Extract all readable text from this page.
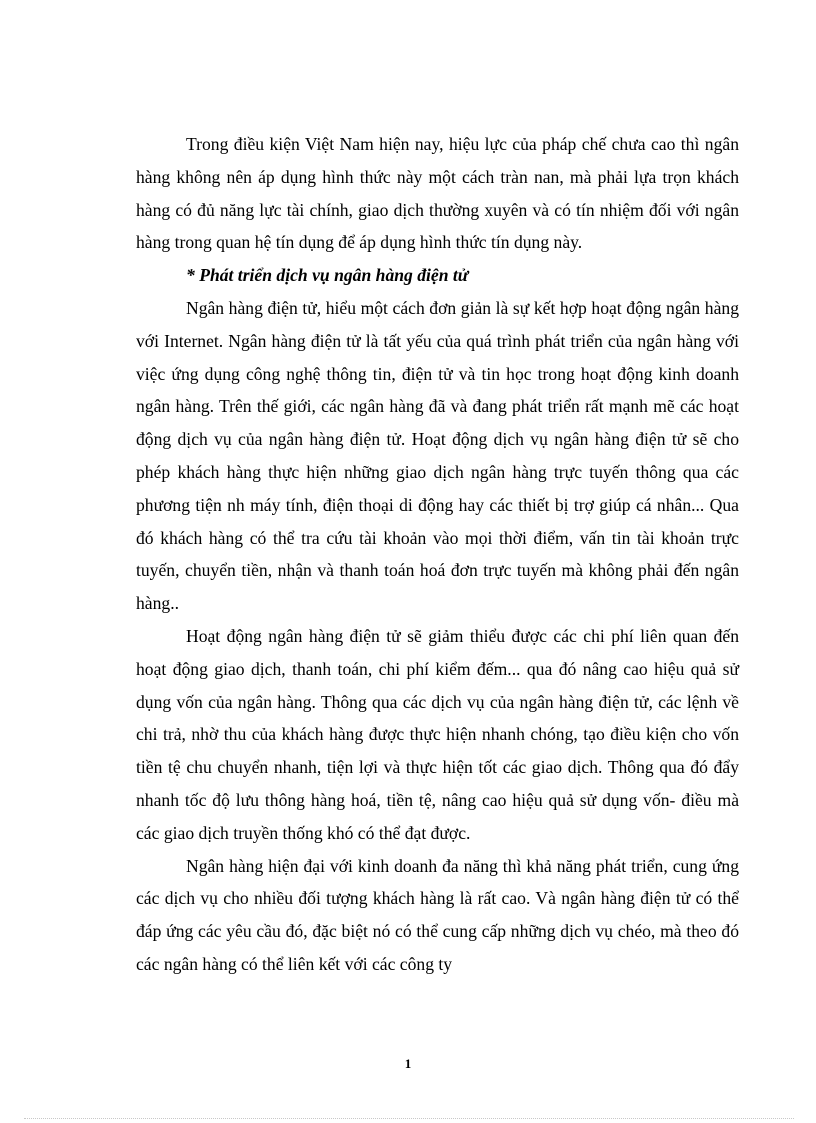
Trong điều kiện Việt Nam hiện nay, hiệu lực của pháp chế chưa cao thì ngân hàng không nên áp dụng hình thức này một cách tràn nan, mà phải lựa trọn khách hàng có đủ năng lực tài chính, giao dịch thường xuyên và có tín nhiệm đối với ngân hàng trong quan hệ tín dụng để áp dụng hình thức tín dụng này.

* Phát triển dịch vụ ngân hàng điện tử

Ngân hàng điện tử, hiểu một cách đơn giản là sự kết hợp hoạt động ngân hàng với Internet. Ngân hàng điện tử là tất yếu của quá trình phát triển của ngân hàng với việc ứng dụng công nghệ thông tin, điện tử và tin học trong hoạt động kinh doanh ngân hàng. Trên thế giới, các ngân hàng đã và đang phát triển rất mạnh mẽ các hoạt động dịch vụ của ngân hàng điện tử. Hoạt động dịch vụ ngân hàng điện tử sẽ cho phép khách hàng thực hiện những giao dịch ngân hàng trực tuyến thông qua các phương tiện nh máy tính, điện thoại di động hay các thiết bị trợ giúp cá nhân... Qua đó khách hàng có thể tra cứu tài khoản vào mọi thời điểm, vấn tin tài khoản trực tuyến, chuyển tiền, nhận và thanh toán hoá đơn trực tuyến mà không phải đến ngân hàng..

Hoạt động ngân hàng điện tử sẽ giảm thiểu được các chi phí liên quan đến hoạt động giao dịch, thanh toán, chi phí kiểm đếm... qua đó nâng cao hiệu quả sử dụng vốn của ngân hàng. Thông qua các dịch vụ của ngân hàng điện tử, các lệnh về chi trả, nhờ thu của khách hàng được thực hiện nhanh chóng, tạo điều kiện cho vốn tiền tệ chu chuyển nhanh, tiện lợi và thực hiện tốt các giao dịch. Thông qua đó đẩy nhanh tốc độ lưu thông hàng hoá, tiền tệ, nâng cao hiệu quả sử dụng vốn- điều mà các giao dịch truyền thống khó có thể đạt được.

Ngân hàng hiện đại với kinh doanh đa năng thì khả năng phát triển, cung ứng các dịch vụ cho nhiều đối tượng khách hàng là rất cao. Và ngân hàng điện tử có thể đáp ứng các yêu cầu đó, đặc biệt nó có thể cung cấp những dịch vụ chéo, mà theo đó các ngân hàng có thể liên kết với các công ty

1
